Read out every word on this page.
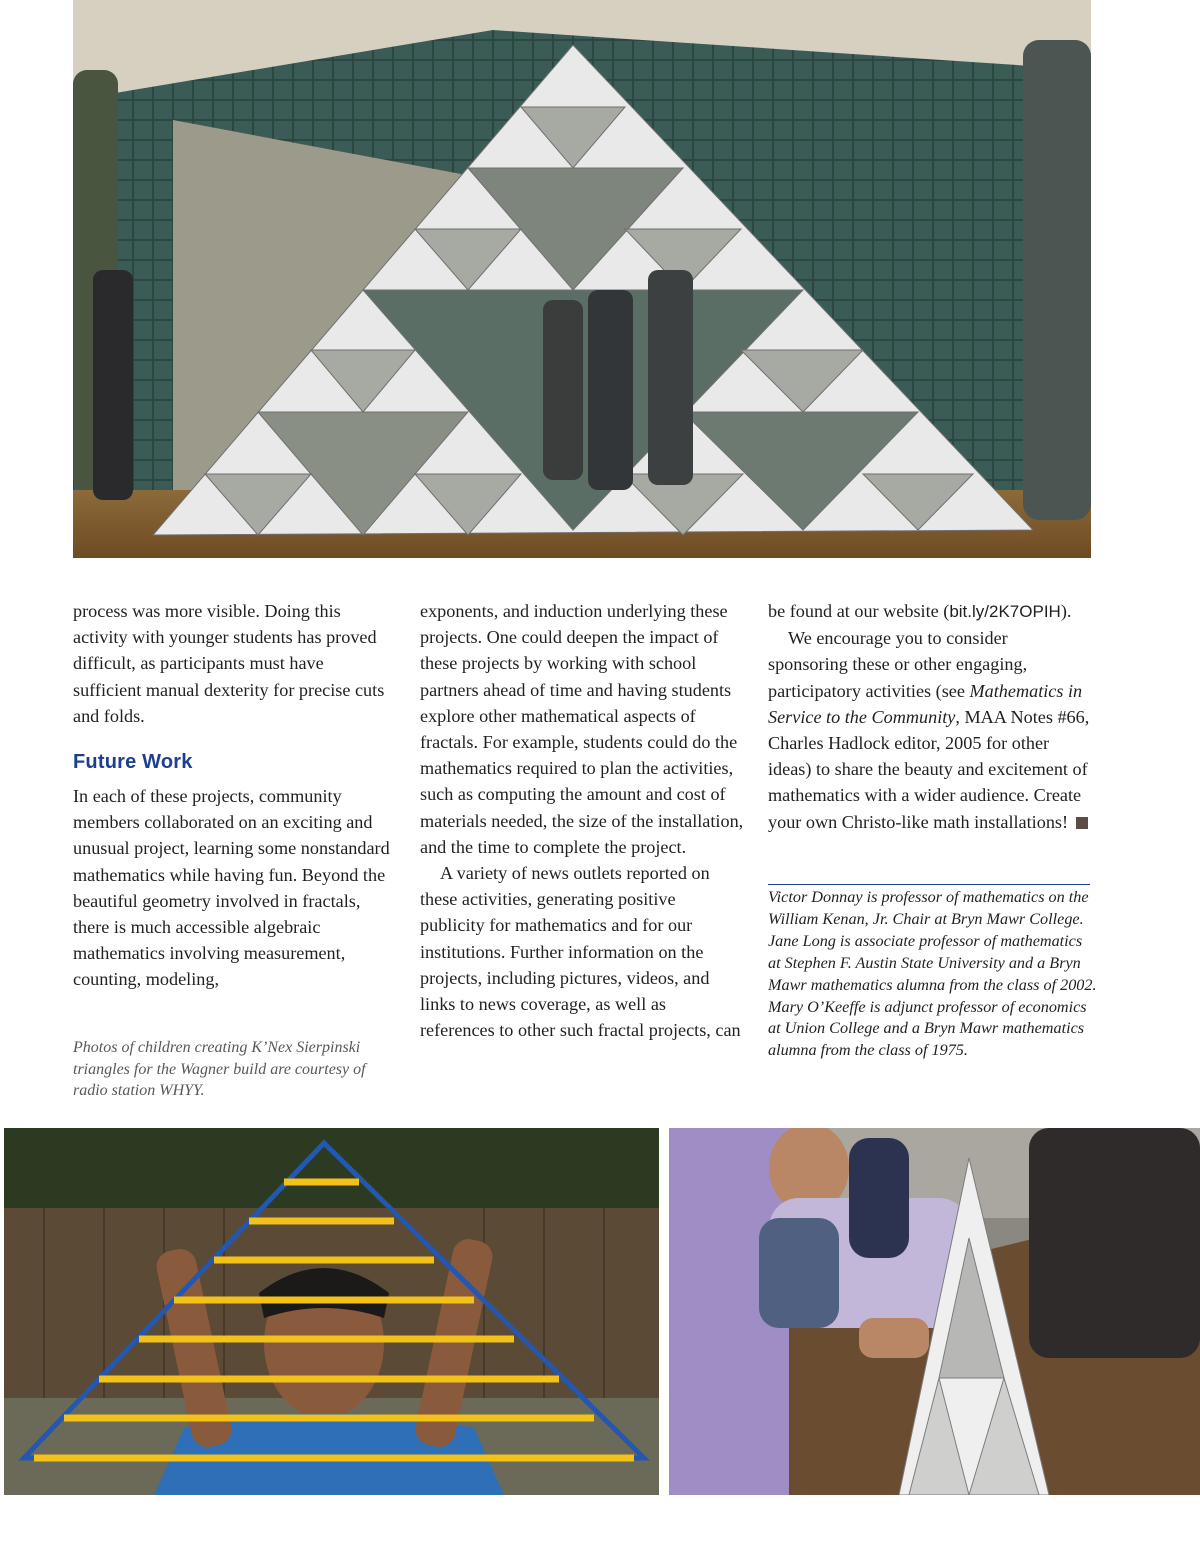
process was more visible. Doing this activity with younger students has proved difficult, as participants must have sufficient manual dexterity for precise cuts and folds.

Future Work

In each of these projects, community members collaborated on an exciting and unusual project, learning some nonstandard mathematics while having fun. Beyond the beautiful geometry involved in fractals, there is much accessible algebraic mathematics involving measurement, counting, modeling,

exponents, and induction underlying these projects. One could deepen the impact of these projects by working with school partners ahead of time and having students explore other mathematical aspects of fractals. For example, students could do the mathematics required to plan the activities, such as computing the amount and cost of materials needed, the size of the installation, and the time to complete the project.

A variety of news outlets reported on these activities, generating positive publicity for mathematics and for our institutions. Further information on the projects, including pictures, videos, and links to news coverage, as well as references to other such fractal projects, can

be found at our website (bit.ly/2K7OPIH).

We encourage you to consider sponsoring these or other engaging, participatory activities (see Mathematics in Service to the Community, MAA Notes #66, Charles Hadlock editor, 2005 for other ideas) to share the beauty and excitement of mathematics with a wider audience. Create your own Christo-like math installations!

Photos of children creating K’Nex Sierpinski triangles for the Wagner build are courtesy of radio station WHYY.
Victor Donnay is professor of mathematics on the William Kenan, Jr. Chair at Bryn Mawr College. Jane Long is associate professor of mathematics at Stephen F. Austin State University and a Bryn Mawr mathematics alumna from the class of 2002. Mary O’Keeffe is adjunct professor of economics at Union College and a Bryn Mawr mathematics alumna from the class of 1975.
